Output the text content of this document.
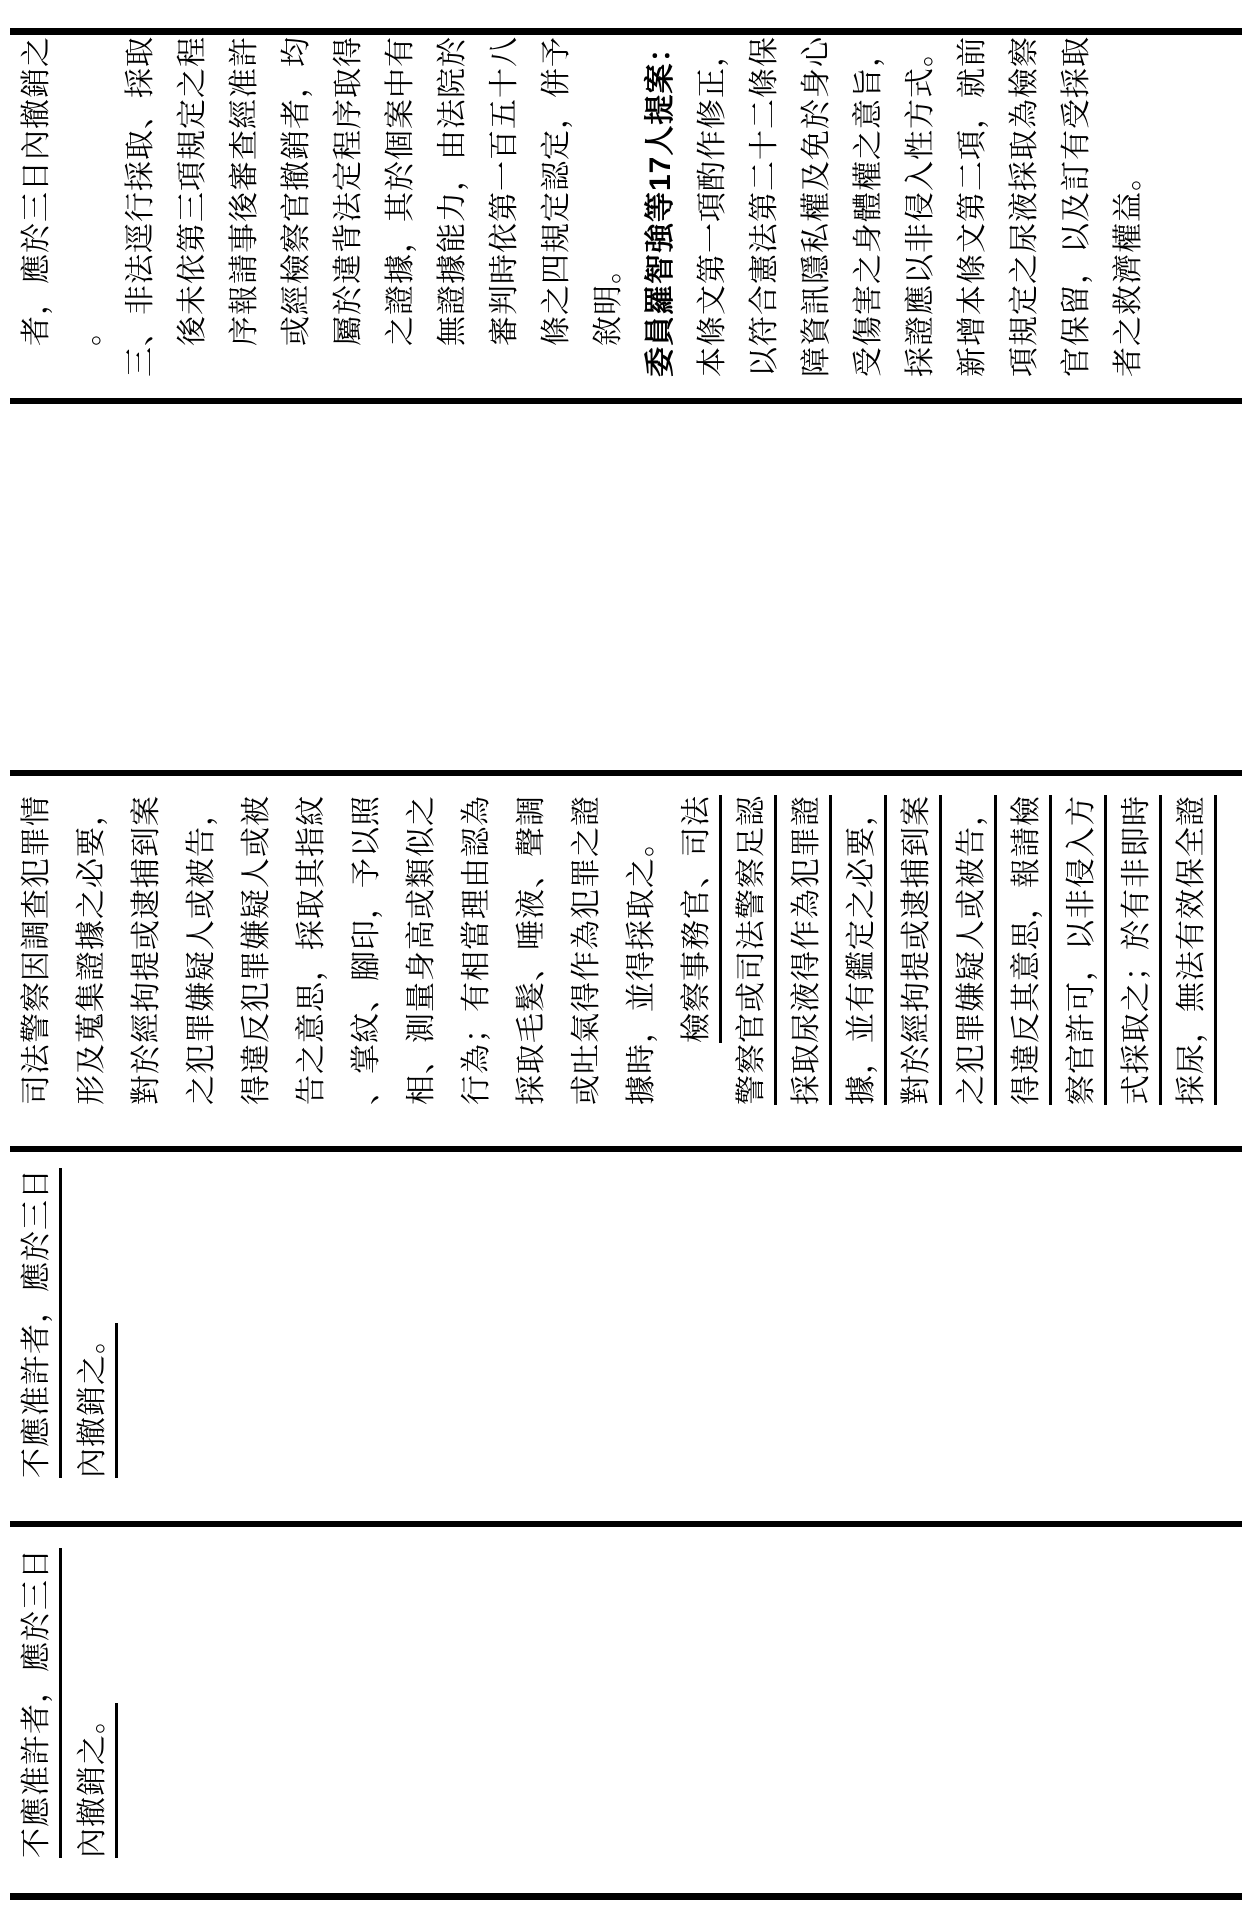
不應准許者，應於三日 內撤銷之。
不應准許者，應於三日 內撤銷之。
司法警察因調查犯罪情 形及蒐集證據之必要， 對於經拘提或逮捕到案 之犯罪嫌疑人或被告， 得違反犯罪嫌疑人或被 告之意思，採取其指紋 、掌紋、腳印，予以照 相、測量身高或類似之 行為；有相當理由認為 採取毛髮、唾液、聲調 或吐氣得作為犯罪之證 據時，並得採取之。 檢察事務官、司法 警察官或司法警察足認 採取尿液得作為犯罪證 據，並有鑑定之必要， 對於經拘提或逮捕到案 之犯罪嫌疑人或被告， 得違反其意思，報請檢 察官許可，以非侵入方 式採取之；於有非即時 採尿，無法有效保全證
者，應於三日內撤銷之 。 三、非法逕行採取、採取 後未依第三項規定之程 序報請事後審查經准許 或經檢察官撤銷者，均 屬於違背法定程序取得 之證據，其於個案中有 無證據能力，由法院於 審判時依第一百五十八 條之四規定認定，併予 敘明。 委員羅智強等17人提案： 本條文第一項酌作修正， 以符合憲法第二十二條保 障資訊隱私權及免於身心 受傷害之身體權之意旨， 採證應以非侵入性方式。 新增本條文第二項，就前 項規定之尿液採取為檢察 官保留，以及訂有受採取 者之救濟權益。
